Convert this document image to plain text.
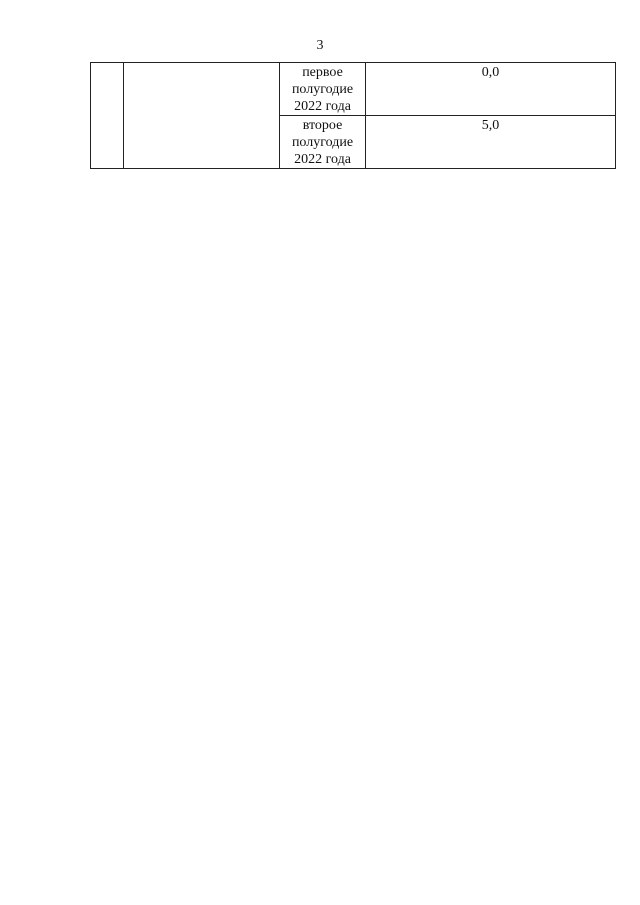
3
		первое
полугодие
2022 года	0,0
		второе
полугодие
2022 года	5,0
